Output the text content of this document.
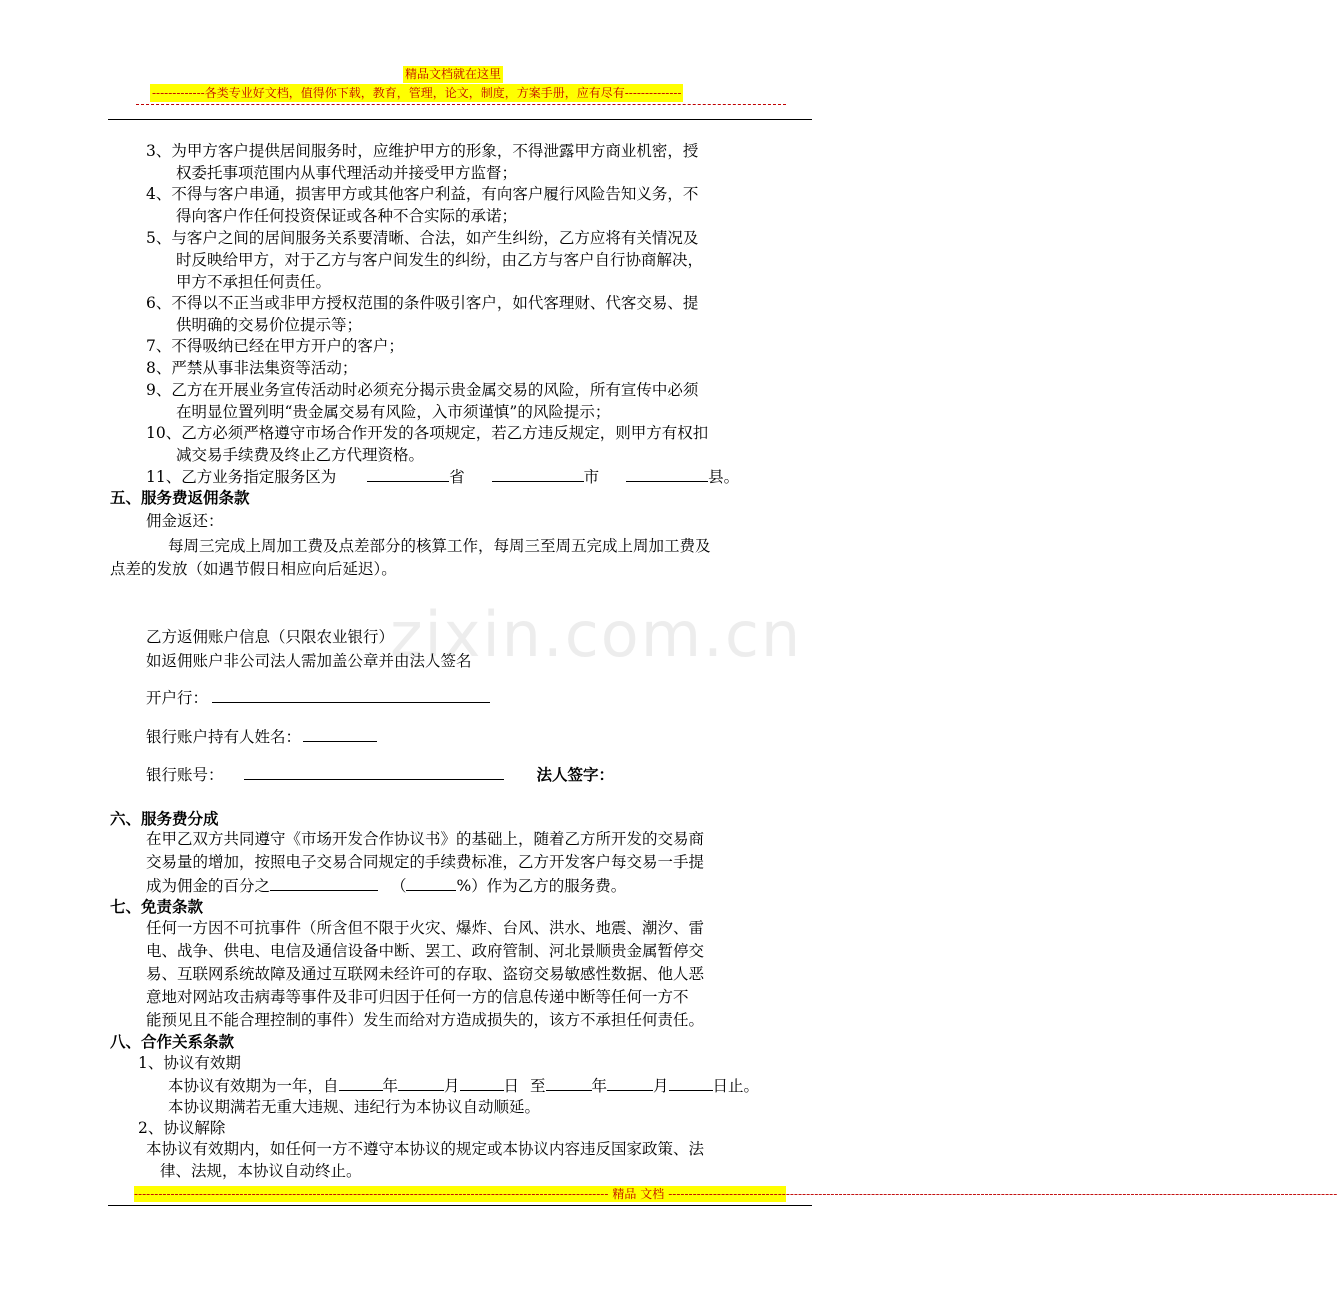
精品文档就在这里
-------------各类专业好文档，值得你下载，教育，管理，论文，制度，方案手册，应有尽有--------------
zixin.com.cn
3、为甲方客户提供居间服务时，应维护甲方的形象，不得泄露甲方商业机密，授
权委托事项范围内从事代理活动并接受甲方监督；
4、不得与客户串通，损害甲方或其他客户利益，有向客户履行风险告知义务，不
得向客户作任何投资保证或各种不合实际的承诺；
5、与客户之间的居间服务关系要清晰、合法，如产生纠纷，乙方应将有关情况及
时反映给甲方，对于乙方与客户间发生的纠纷，由乙方与客户自行协商解决，
甲方不承担任何责任。
6、不得以不正当或非甲方授权范围的条件吸引客户，如代客理财、代客交易、提
供明确的交易价位提示等；
7、不得吸纳已经在甲方开户的客户；
8、严禁从事非法集资等活动；
9、乙方在开展业务宣传活动时必须充分揭示贵金属交易的风险，所有宣传中必须
在明显位置列明“贵金属交易有风险，入市须谨慎”的风险提示；
10、乙方必须严格遵守市场合作开发的各项规定，若乙方违反规定，则甲方有权扣
减交易手续费及终止乙方代理资格。
11、乙方业务指定服务区为	省	市	县。
五、服务费返佣条款
佣金返还：
每周三完成上周加工费及点差部分的核算工作，每周三至周五完成上周加工费及
点差的发放（如遇节假日相应向后延迟）。
乙方返佣账户信息（只限农业银行）
如返佣账户非公司法人需加盖公章并由法人签名
开户行：
银行账户持有人姓名：
银行账号：	法人签字：
六、服务费分成
在甲乙双方共同遵守《市场开发合作协议书》的基础上，随着乙方所开发的交易商
交易量的增加，按照电子交易合同规定的手续费标准，乙方开发客户每交易一手提
成为佣金的百分之	（	%）作为乙方的服务费。
七、免责条款
任何一方因不可抗事件（所含但不限于火灾、爆炸、台风、洪水、地震、潮汐、雷
电、战争、供电、电信及通信设备中断、罢工、政府管制、河北景顺贵金属暂停交
易、互联网系统故障及通过互联网未经许可的存取、盗窃交易敏感性数据、他人恶
意地对网站攻击病毒等事件及非可归因于任何一方的信息传递中断等任何一方不
能预见且不能合理控制的事件）发生而给对方造成损失的，该方不承担任何责任。
八、合作关系条款
1、协议有效期
本协议有效期为一年，自	年	月	日 至	年	月	日止。
本协议期满若无重大违规、违纪行为本协议自动顺延。
2、协议解除
本协议有效期内，如任何一方不遵守本协议的规定或本协议内容违反国家政策、法
律、法规，本协议自动终止。
--------------------------------------------------------------------------------------------------------------------- 精品 文档 ---------------------------------------------------------------------------------------------------------------------------------------------------------------------
